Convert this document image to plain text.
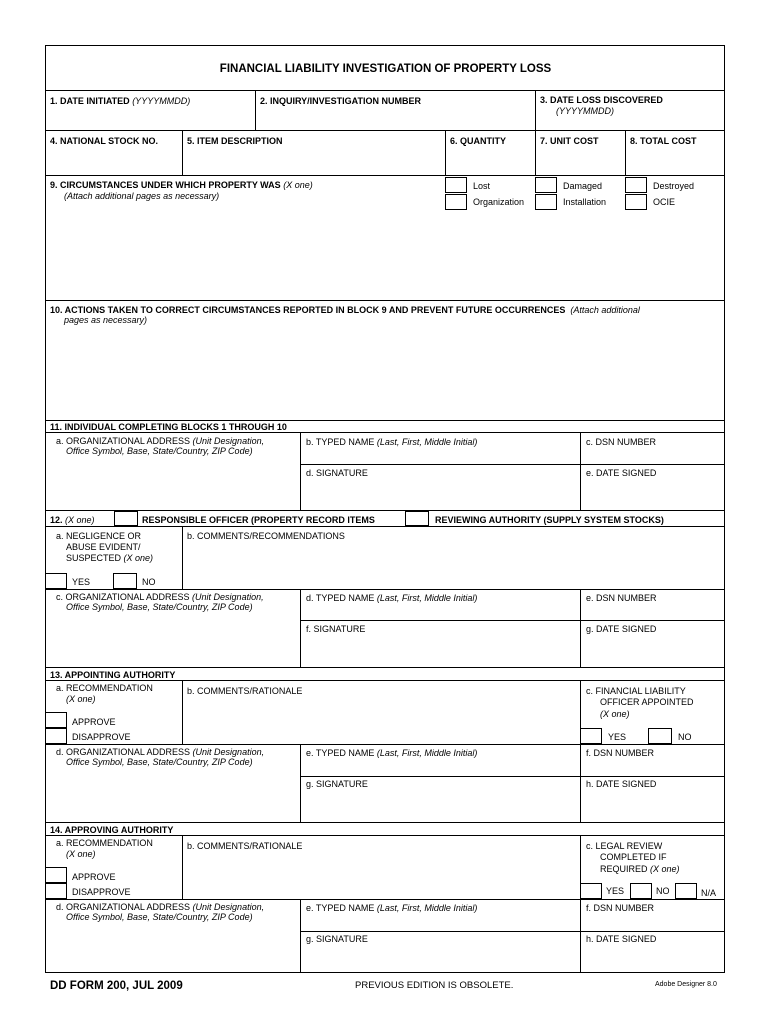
FINANCIAL LIABILITY INVESTIGATION OF PROPERTY LOSS
1. DATE INITIATED (YYYYMMDD)	2. INQUIRY/INVESTIGATION NUMBER	3. DATE LOSS DISCOVERED
(YYYYMMDD)
4. NATIONAL STOCK NO.	5. ITEM DESCRIPTION	6. QUANTITY	7. UNIT COST	8. TOTAL COST
9. CIRCUMSTANCES UNDER WHICH PROPERTY WAS (X one)
(Attach additional pages as necessary)
Lost
Organization
Damaged
Installation
Destroyed
OCIE
10. ACTIONS TAKEN TO CORRECT CIRCUMSTANCES REPORTED IN BLOCK 9 AND PREVENT FUTURE OCCURRENCES (Attach additional
pages as necessary)
11. INDIVIDUAL COMPLETING BLOCKS 1 THROUGH 10
a. ORGANIZATIONAL ADDRESS (Unit Designation,
Office Symbol, Base, State/Country, ZIP Code)
b. TYPED NAME (Last, First, Middle Initial)	c. DSN NUMBER
d. SIGNATURE	e. DATE SIGNED
12. (X one)	RESPONSIBLE OFFICER (PROPERTY RECORD ITEMS	REVIEWING AUTHORITY (SUPPLY SYSTEM STOCKS)
a. NEGLIGENCE OR
ABUSE EVIDENT/
SUSPECTED (X one)
YES	NO
b. COMMENTS/RECOMMENDATIONS
c. ORGANIZATIONAL ADDRESS (Unit Designation,
Office Symbol, Base, State/Country, ZIP Code)
d. TYPED NAME (Last, First, Middle Initial)	e. DSN NUMBER
f. SIGNATURE	g. DATE SIGNED
13. APPOINTING AUTHORITY
a. RECOMMENDATION
(X one)
APPROVE
DISAPPROVE
b. COMMENTS/RATIONALE	c. FINANCIAL LIABILITY
OFFICER APPOINTED
(X one)
YES	NO
d. ORGANIZATIONAL ADDRESS (Unit Designation,
Office Symbol, Base, State/Country, ZIP Code)
e. TYPED NAME (Last, First, Middle Initial)	f. DSN NUMBER
g. SIGNATURE	h. DATE SIGNED
14. APPROVING AUTHORITY
a. RECOMMENDATION
(X one)
APPROVE
DISAPPROVE
b. COMMENTS/RATIONALE	c. LEGAL REVIEW
COMPLETED IF
REQUIRED (X one)
YES	NO	N/A
d. ORGANIZATIONAL ADDRESS (Unit Designation,
Office Symbol, Base, State/Country, ZIP Code)
e. TYPED NAME (Last, First, Middle Initial)	f. DSN NUMBER
g. SIGNATURE	h. DATE SIGNED
DD FORM 200, JUL 2009	PREVIOUS EDITION IS OBSOLETE.	Adobe Designer 8.0
